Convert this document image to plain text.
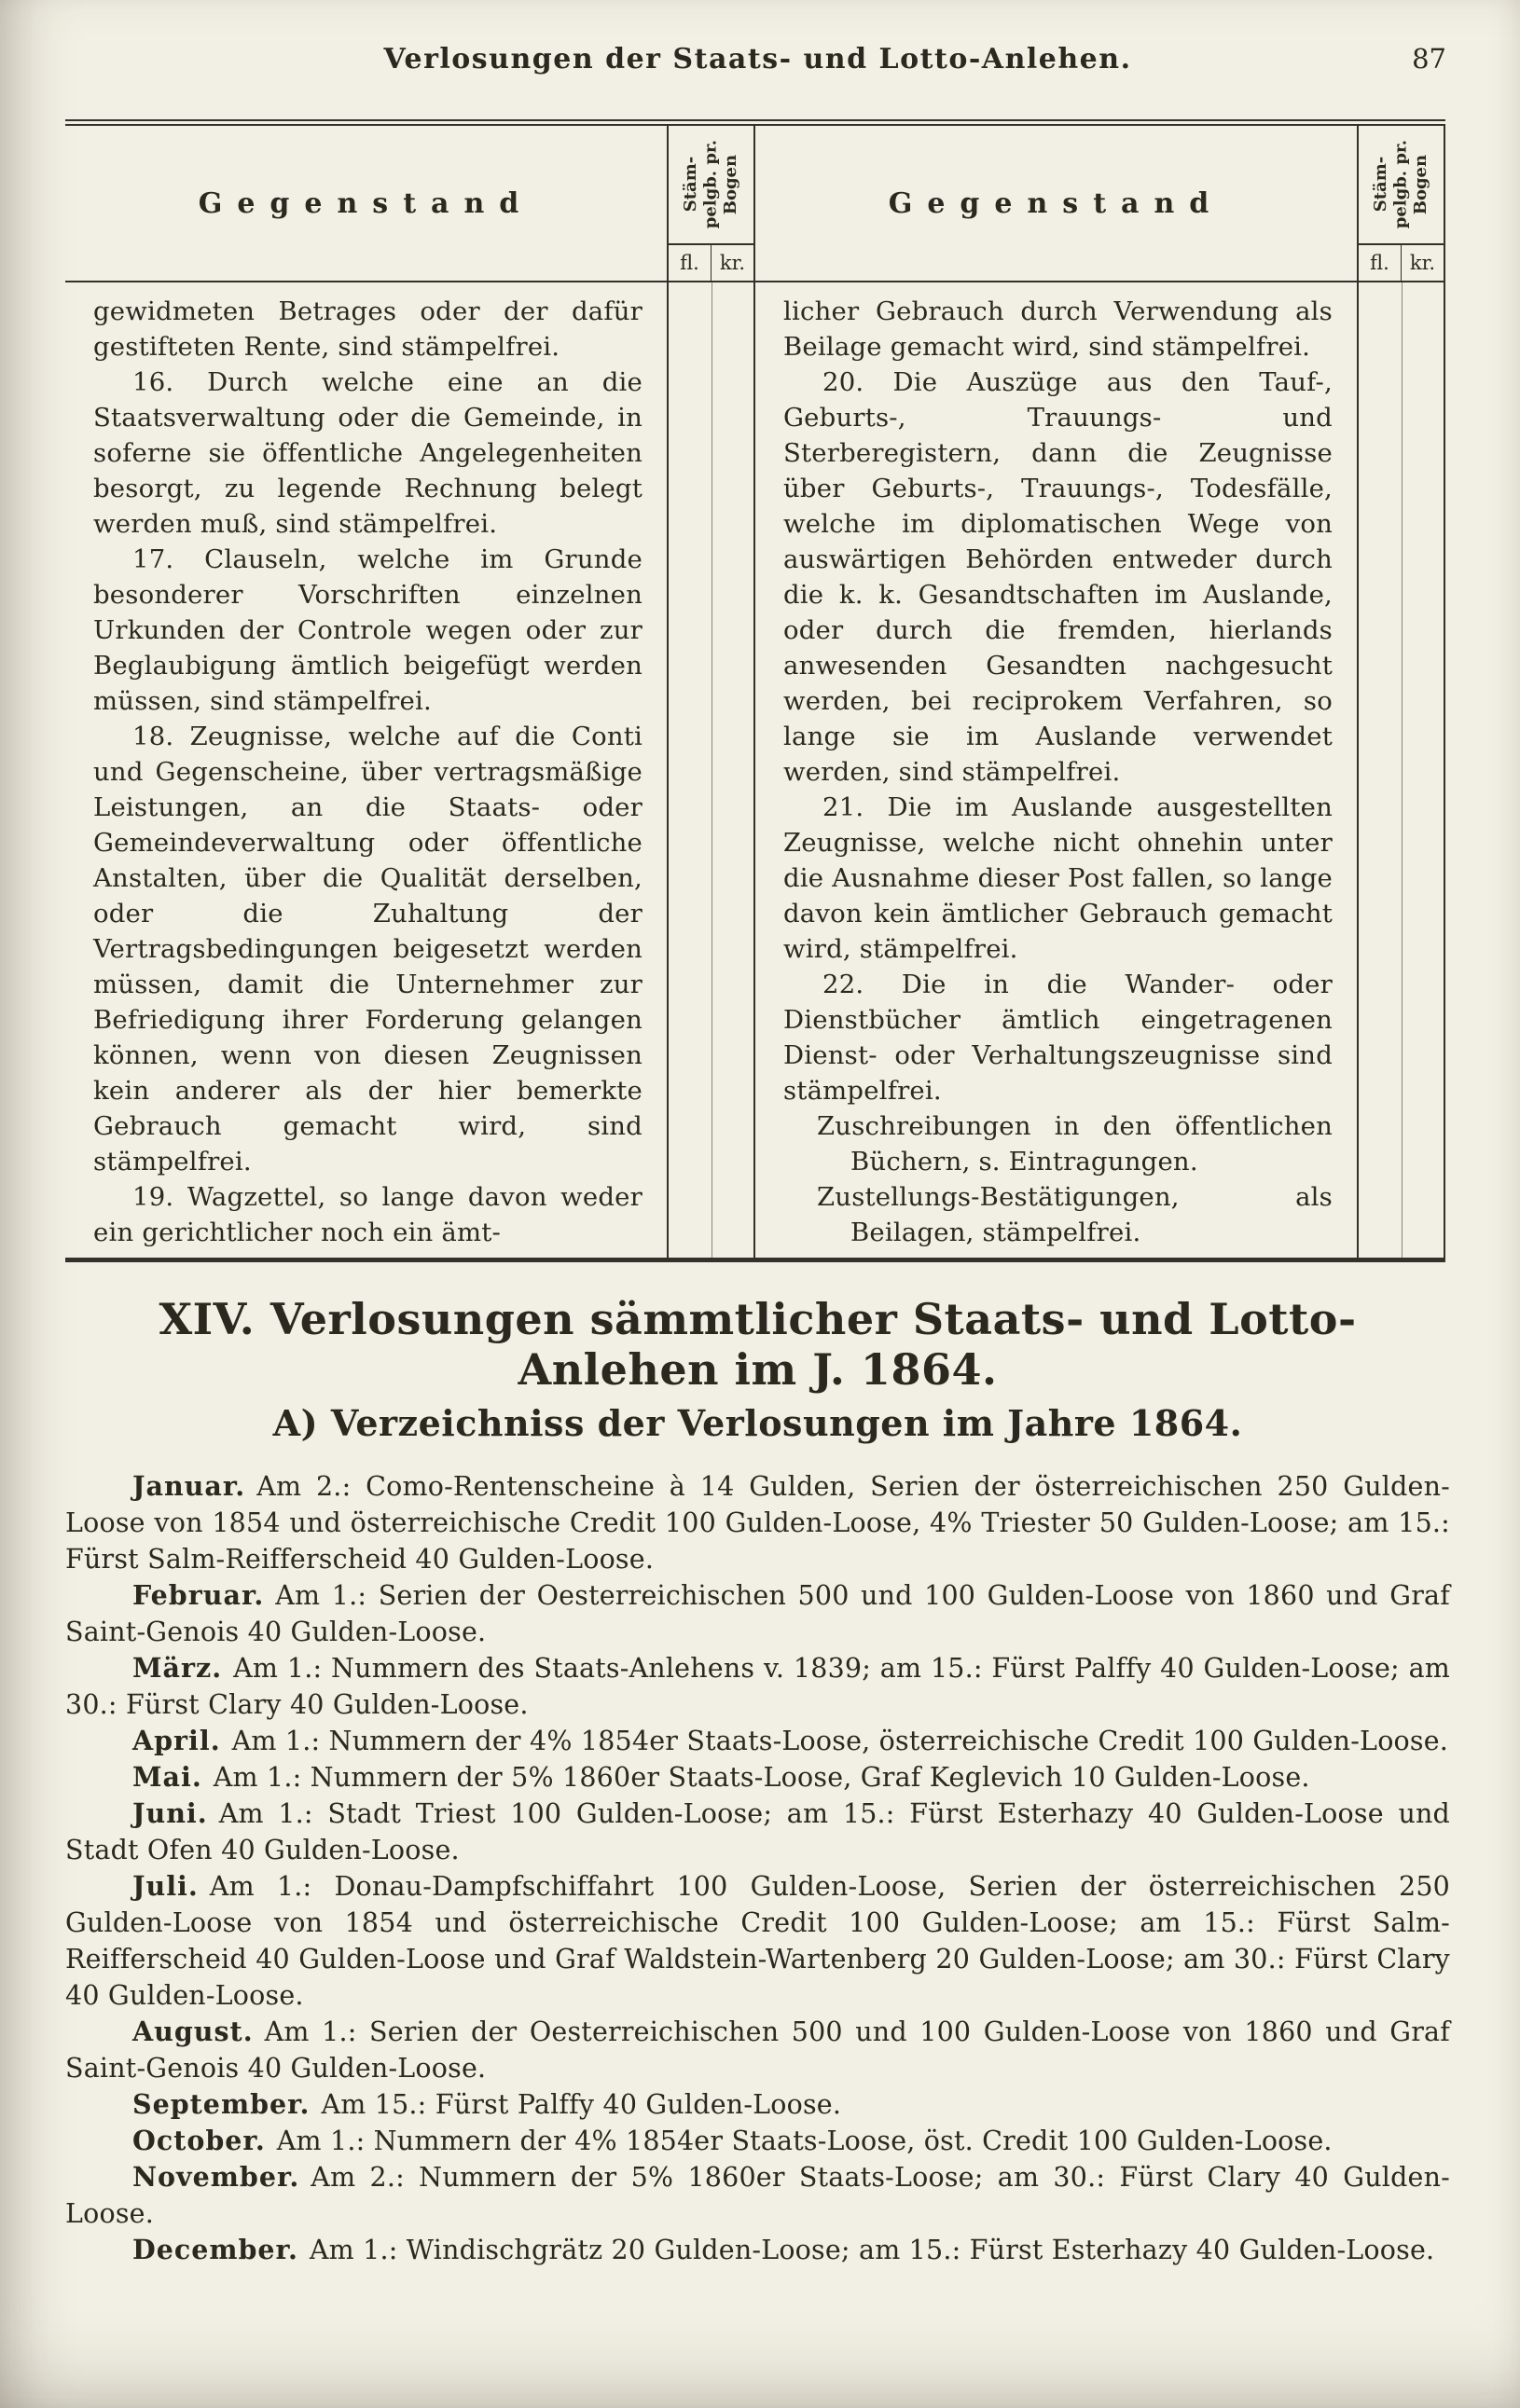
Verlosungen der Staats- und Lotto-Anlehen.	87
Gegenstand	Stäm-
pelgb. pr.
Bogen
fl.	kr.
Gegenstand	Stäm-
pelgb. pr.
Bogen
fl.	kr.

gewidmeten Betrages oder der dafür gestifteten Rente, sind stämpelfrei.

16. Durch welche eine an die Staatsverwaltung oder die Gemeinde, in soferne sie öffentliche Angelegenheiten besorgt, zu legende Rechnung belegt werden muß, sind stämpelfrei.

17. Clauseln, welche im Grunde besonderer Vorschriften einzelnen Urkunden der Controle wegen oder zur Beglaubigung ämtlich beigefügt werden müssen, sind stämpelfrei.

18. Zeugnisse, welche auf die Conti und Gegenscheine, über vertragsmäßige Leistungen, an die Staats- oder Gemeindeverwaltung oder öffentliche Anstalten, über die Qualität derselben, oder die Zuhaltung der Vertragsbedingungen beigesetzt werden müssen, damit die Unternehmer zur Befriedigung ihrer Forderung gelangen können, wenn von diesen Zeugnissen kein anderer als der hier bemerkte Gebrauch gemacht wird, sind stämpelfrei.

19. Wagzettel, so lange davon weder ein gerichtlicher noch ein ämt-

licher Gebrauch durch Verwendung als Beilage gemacht wird, sind stämpelfrei.

20. Die Auszüge aus den Tauf-, Geburts-, Trauungs- und Sterberegistern, dann die Zeugnisse über Geburts-, Trauungs-, Todesfälle, welche im diplomatischen Wege von auswärtigen Behörden entweder durch die k. k. Gesandtschaften im Auslande, oder durch die fremden, hierlands anwesenden Gesandten nachgesucht werden, bei reciprokem Verfahren, so lange sie im Auslande verwendet werden, sind stämpelfrei.

21. Die im Auslande ausgestellten Zeugnisse, welche nicht ohnehin unter die Ausnahme dieser Post fallen, so lange davon kein ämtlicher Gebrauch gemacht wird, stämpelfrei.

22. Die in die Wander- oder Dienstbücher ämtlich eingetragenen Dienst- oder Verhaltungszeugnisse sind stämpelfrei.

Zuschreibungen in den öffentlichen Büchern, s. Eintragungen.

Zustellungs-Bestätigungen, als Beilagen, stämpelfrei.

XIV. Verlosungen sämmtlicher Staats- und Lotto-Anlehen im J. 1864.
A) Verzeichniss der Verlosungen im Jahre 1864.

Januar. Am 2.: Como-Rentenscheine à 14 Gulden, Serien der österreichischen 250 Gulden-Loose von 1854 und österreichische Credit 100 Gulden-Loose, 4% Triester 50 Gulden-Loose; am 15.: Fürst Salm-Reifferscheid 40 Gulden-Loose.

Februar. Am 1.: Serien der Oesterreichischen 500 und 100 Gulden-Loose von 1860 und Graf Saint-Genois 40 Gulden-Loose.

März. Am 1.: Nummern des Staats-Anlehens v. 1839; am 15.: Fürst Palffy 40 Gulden-Loose; am 30.: Fürst Clary 40 Gulden-Loose.

April. Am 1.: Nummern der 4% 1854er Staats-Loose, österreichische Credit 100 Gulden-Loose.

Mai. Am 1.: Nummern der 5% 1860er Staats-Loose, Graf Keglevich 10 Gulden-Loose.

Juni. Am 1.: Stadt Triest 100 Gulden-Loose; am 15.: Fürst Esterhazy 40 Gulden-Loose und Stadt Ofen 40 Gulden-Loose.

Juli. Am 1.: Donau-Dampfschiffahrt 100 Gulden-Loose, Serien der österreichischen 250 Gulden-Loose von 1854 und österreichische Credit 100 Gulden-Loose; am 15.: Fürst Salm-Reifferscheid 40 Gulden-Loose und Graf Waldstein-Wartenberg 20 Gulden-Loose; am 30.: Fürst Clary 40 Gulden-Loose.

August. Am 1.: Serien der Oesterreichischen 500 und 100 Gulden-Loose von 1860 und Graf Saint-Genois 40 Gulden-Loose.

September. Am 15.: Fürst Palffy 40 Gulden-Loose.

October. Am 1.: Nummern der 4% 1854er Staats-Loose, öst. Credit 100 Gulden-Loose.

November. Am 2.: Nummern der 5% 1860er Staats-Loose; am 30.: Fürst Clary 40 Gulden-Loose.

December. Am 1.: Windischgrätz 20 Gulden-Loose; am 15.: Fürst Esterhazy 40 Gulden-Loose.
